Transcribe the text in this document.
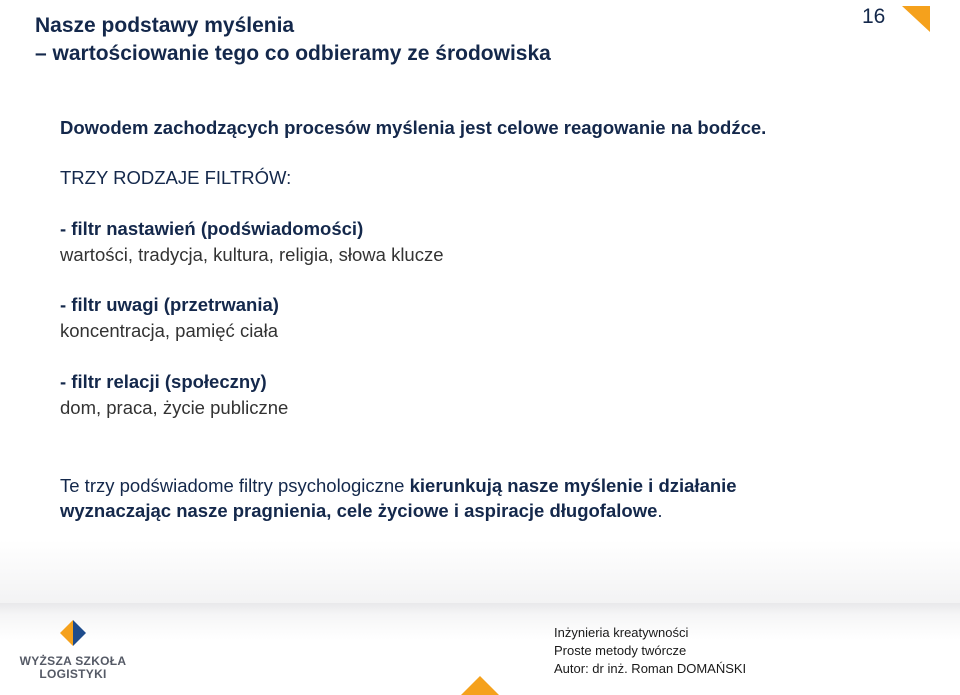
Nasze podstawy myślenia
– wartościowanie tego co odbieramy ze środowiska
16
Dowodem zachodzących procesów myślenia jest celowe reagowanie na bodźce.
TRZY RODZAJE FILTRÓW:
- filtr nastawień (podświadomości)
wartości, tradycja, kultura, religia, słowa klucze
- filtr uwagi (przetrwania)
koncentracja, pamięć ciała
- filtr relacji (społeczny)
dom, praca, życie publiczne
Te trzy podświadome filtry psychologiczne kierunkują nasze myślenie i działanie
wyznaczając nasze pragnienia, cele życiowe i aspiracje długofalowe.
WYŻSZA SZKOŁA
LOGISTYKI
Inżynieria kreatywności
Proste metody twórcze
Autor: dr inż. Roman DOMAŃSKI
